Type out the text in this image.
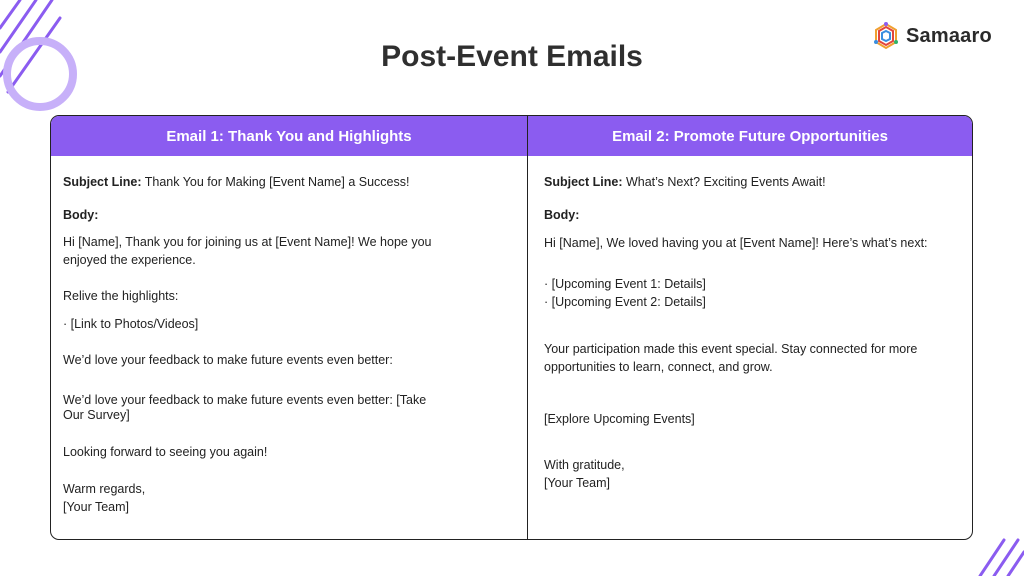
Samaaro
Post-Event Emails
Email 1: Thank You and Highlights
Subject Line: Thank You for Making [Event Name] a Success!
Body:
Hi [Name], Thank you for joining us at [Event Name]! We hope you
enjoyed the experience.
Relive the highlights:
· [Link to Photos/Videos]
We’d love your feedback to make future events even better:
We’d love your feedback to make future events even better: [Take
Our Survey]
Looking forward to seeing you again!
Warm regards,
[Your Team]
Email 2: Promote Future Opportunities
Subject Line: What’s Next? Exciting Events Await!
Body:
Hi [Name], We loved having you at [Event Name]! Here’s what’s next:
· [Upcoming Event 1: Details]
· [Upcoming Event 2: Details]
Your participation made this event special. Stay connected for more
opportunities to learn, connect, and grow.
[Explore Upcoming Events]
With gratitude,
[Your Team]
